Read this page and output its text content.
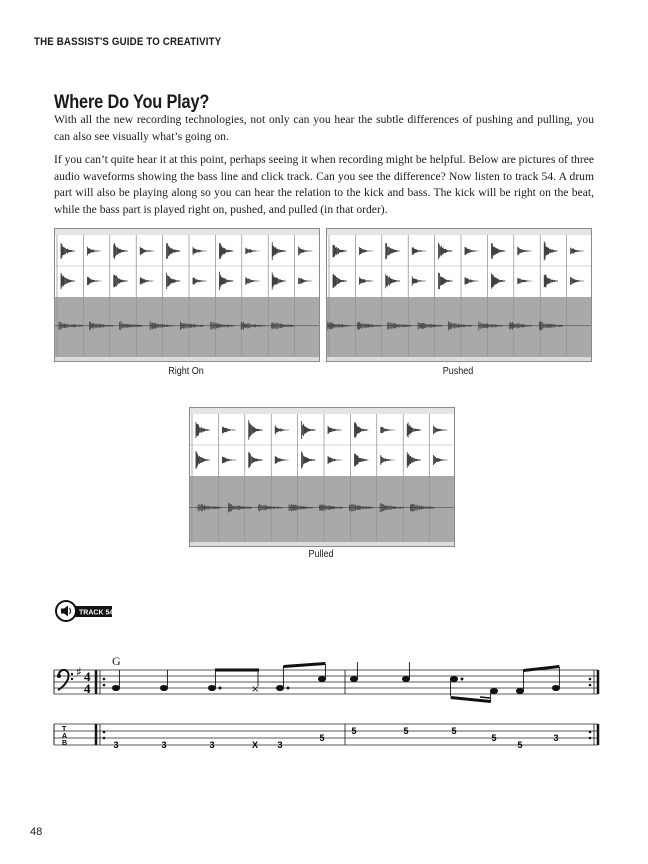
THE BASSIST'S GUIDE TO CREATIVITY
Where Do You Play?
With all the new recording technologies, not only can you hear the subtle differences of pushing and pulling, you can also see visually what’s going on.
If you can’t quite hear it at this point, perhaps seeing it when recording might be helpful. Below are pictures of three audio waveforms showing the bass line and click track. Can you see the difference? Now listen to track 54. A drum part will also be playing along so you can hear the relation to the kick and bass. The kick will be right on the beat, while the bass part is played right on, pushed, and pulled (in that order).
Right On	Pushed
Pulled
TRACK 54
G
♯ 4
4	×
T
A
B	3	3	3	X 3
5
5	5	5
5
5
3
48
